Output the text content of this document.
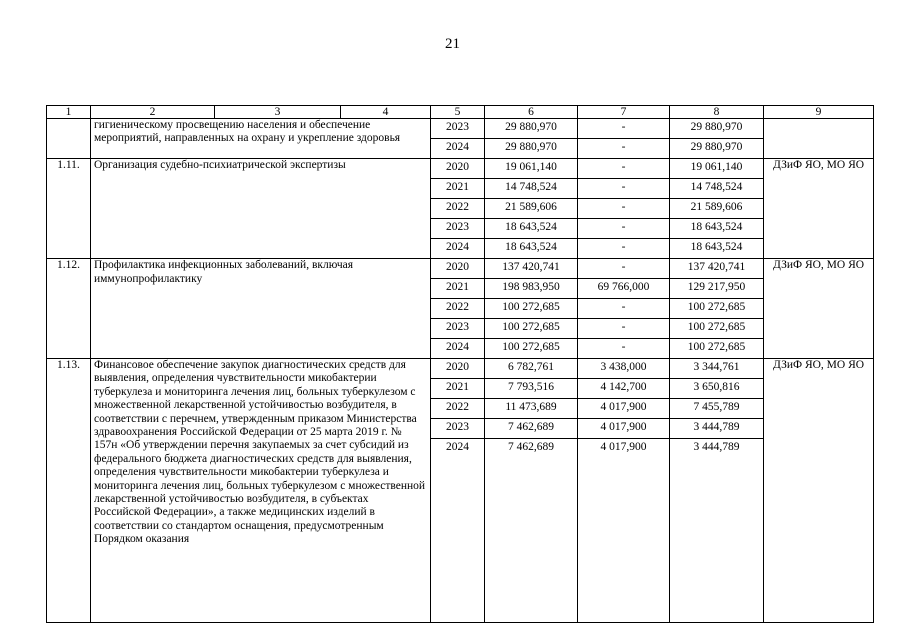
21
1	2	3	4	5	6	7	8	9
	гигиеническому просвещению населения и обеспечение мероприятий, направленных на охрану и укрепление здоровья			2023	29 880,970	-	29 880,970	
				2024	29 880,970	-	29 880,970	
1.11.	Организация судебно-психиатрической экспертизы			2020	19 061,140	-	19 061,140	ДЗиФ ЯО, МО ЯО
				2021	14 748,524	-	14 748,524	
				2022	21 589,606	-	21 589,606	
				2023	18 643,524	-	18 643,524	
				2024	18 643,524	-	18 643,524	
1.12.	Профилактика инфекционных заболеваний, включая иммунопрофилактику			2020	137 420,741	-	137 420,741	ДЗиФ ЯО, МО ЯО
				2021	198 983,950	69 766,000	129 217,950	
				2022	100 272,685	-	100 272,685	
				2023	100 272,685	-	100 272,685	
				2024	100 272,685	-	100 272,685	
1.13.	Финансовое обеспечение закупок диагностических средств для выявления, определения чувствительности микобактерии туберкулеза и мониторинга лечения лиц, больных туберкулезом с множественной лекарственной устойчивостью возбудителя, в соответствии с перечнем, утвержденным приказом Министерства здравоохранения Российской Федерации от 25 марта 2019 г. № 157н «Об утверждении перечня закупаемых за счет субсидий из федерального бюджета диагностических средств для выявления, определения чувствительности микобактерии туберкулеза и мониторинга лечения лиц, больных туберкулезом с множественной лекарственной устойчивостью возбудителя, в субъектах Российской Федерации», а также медицинских изделий в соответствии со стандартом оснащения, предусмотренным Порядком оказания			2020	6 782,761	3 438,000	3 344,761	ДЗиФ ЯО, МО ЯО
				2021	7 793,516	4 142,700	3 650,816	
				2022	11 473,689	4 017,900	7 455,789	
				2023	7 462,689	4 017,900	3 444,789	
				2024	7 462,689	4 017,900	3 444,789	
